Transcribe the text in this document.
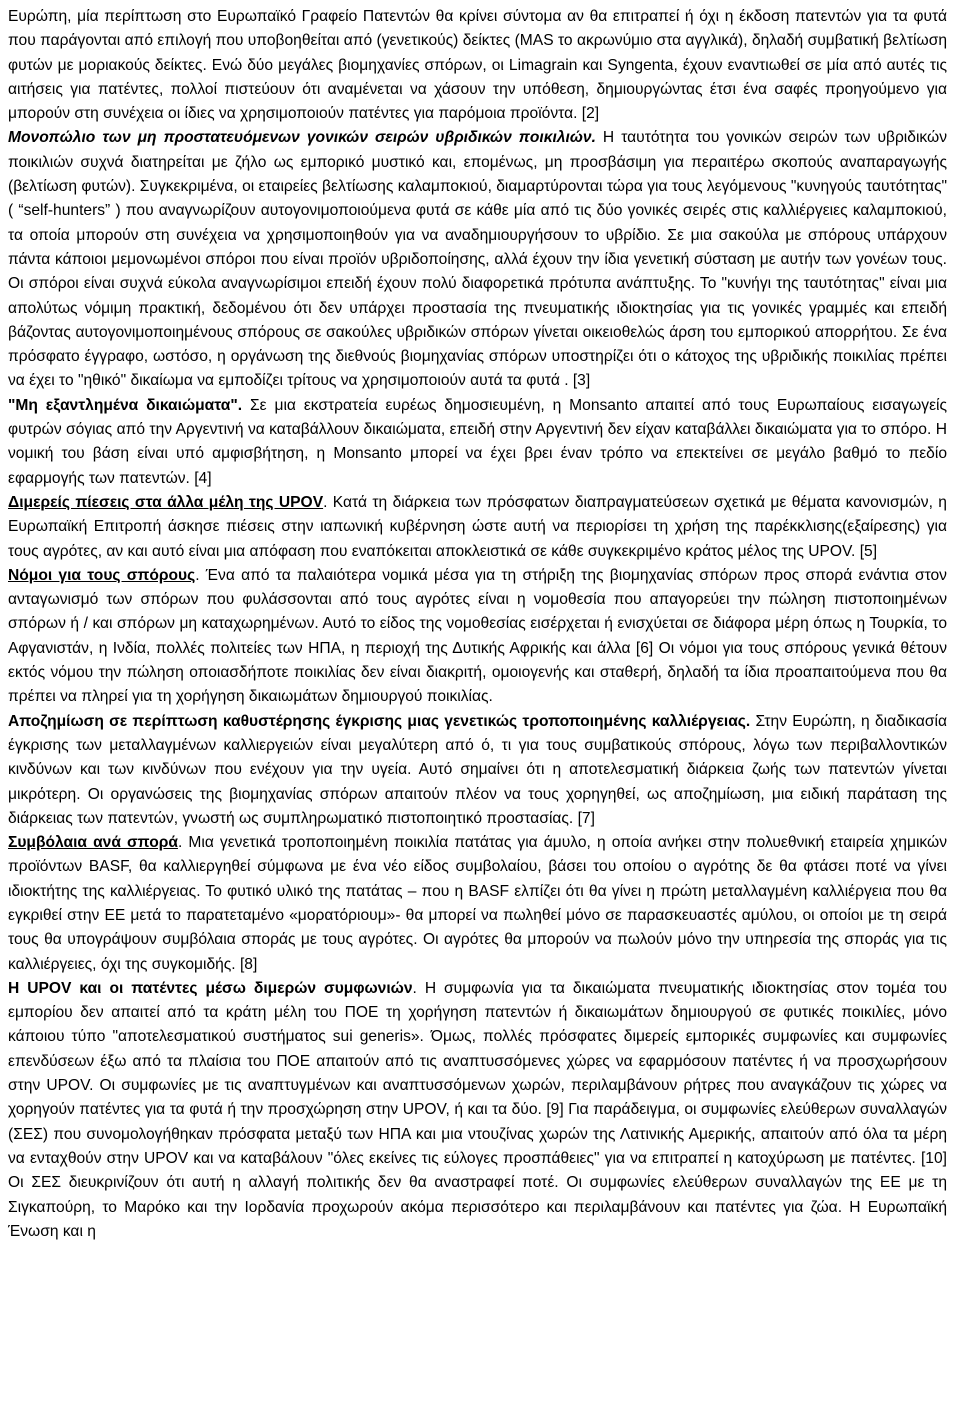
Ευρώπη, μία περίπτωση στο Ευρωπαϊκό Γραφείο Πατεντών θα κρίνει σύντομα αν θα επιτραπεί ή όχι η έκδοση πατεντών για τα φυτά που παράγονται από επιλογή που υποβοηθείται από (γενετικούς) δείκτες (MAS το ακρωνύμιο στα αγγλικά), δηλαδή συμβατική βελτίωση φυτών με μοριακούς δείκτες. Ενώ δύο μεγάλες βιομηχανίες σπόρων, οι Limagrain και Syngenta, έχουν εναντιωθεί σε μία από αυτές τις αιτήσεις για πατέντες, πολλοί πιστεύουν ότι αναμένεται να χάσουν την υπόθεση, δημιουργώντας έτσι ένα σαφές προηγούμενο για μπορούν στη συνέχεια οι ίδιες να χρησιμοποιούν πατέντες για παρόμοια προϊόντα. [2]

Μονοπώλιο των μη προστατευόμενων γονικών σειρών υβριδικών ποικιλιών. Η ταυτότητα του γονικών σειρών των υβριδικών ποικιλιών συχνά διατηρείται με ζήλο ως εμπορικό μυστικό και, επομένως, μη προσβάσιμη για περαιτέρω σκοπούς αναπαραγωγής (βελτίωση φυτών). Συγκεκριμένα, οι εταιρείες βελτίωσης καλαμποκιού, διαμαρτύρονται τώρα για τους λεγόμενους "κυνηγούς ταυτότητας" ( “self-hunters” ) που αναγνωρίζουν αυτογονιμοποιούμενα φυτά σε κάθε μία από τις δύο γονικές σειρές στις καλλιέργειες καλαμποκιού, τα οποία μπορούν στη συνέχεια να χρησιμοποιηθούν για να αναδημιουργήσουν το υβρίδιο. Σε μια σακούλα με σπόρους υπάρχουν πάντα κάποιοι μεμονωμένοι σπόροι που είναι προϊόν υβριδοποίησης, αλλά έχουν την ίδια γενετική σύσταση με αυτήν των γονέων τους. Οι σπόροι είναι συχνά εύκολα αναγνωρίσιμοι επειδή έχουν πολύ διαφορετικά πρότυπα ανάπτυξης. Το "κυνήγι της ταυτότητας" είναι μια απολύτως νόμιμη πρακτική, δεδομένου ότι δεν υπάρχει προστασία της πνευματικής ιδιοκτησίας για τις γονικές γραμμές και επειδή βάζοντας αυτογονιμοποιημένους σπόρους σε σακούλες υβριδικών σπόρων γίνεται οικειοθελώς άρση του εμπορικού απορρήτου. Σε ένα πρόσφατο έγγραφο, ωστόσο, η οργάνωση της διεθνούς βιομηχανίας σπόρων υποστηρίζει ότι ο κάτοχος της υβριδικής ποικιλίας πρέπει να έχει το "ηθικό" δικαίωμα να εμποδίζει τρίτους να χρησιμοποιούν αυτά τα φυτά . [3]

"Μη εξαντλημένα δικαιώματα". Σε μια εκστρατεία ευρέως δημοσιευμένη, η Monsanto απαιτεί από τους Ευρωπαίους εισαγωγείς φυτρών σόγιας από την Αργεντινή να καταβάλλουν δικαιώματα, επειδή στην Αργεντινή δεν είχαν καταβάλλει δικαιώματα για το σπόρο. Η νομική του βάση είναι υπό αμφισβήτηση, η Monsanto μπορεί να έχει βρει έναν τρόπο να επεκτείνει σε μεγάλο βαθμό το πεδίο εφαρμογής των πατεντών. [4]

Διμερείς πίεσεις στα άλλα μέλη της UPOV. Κατά τη διάρκεια των πρόσφατων διαπραγματεύσεων σχετικά με θέματα κανονισμών, η Ευρωπαϊκή Επιτροπή άσκησε πιέσεις στην ιαπωνική κυβέρνηση ώστε αυτή να περιορίσει τη χρήση της παρέκκλισης(εξαίρεσης) για τους αγρότες, αν και αυτό είναι μια απόφαση που εναπόκειται αποκλειστικά σε κάθε συγκεκριμένο κράτος μέλος της UPOV. [5]

Νόμοι για τους σπόρους. Ένα από τα παλαιότερα νομικά μέσα για τη στήριξη της βιομηχανίας σπόρων προς σπορά ενάντια στον ανταγωνισμό των σπόρων που φυλάσσονται από τους αγρότες είναι η νομοθεσία που απαγορεύει την πώληση πιστοποιημένων σπόρων ή / και σπόρων μη καταχωρημένων. Αυτό το είδος της νομοθεσίας εισέρχεται ή ενισχύεται σε διάφορα μέρη όπως η Τουρκία, το Αφγανιστάν, η Ινδία, πολλές πολιτείες των ΗΠΑ, η περιοχή της Δυτικής Αφρικής και άλλα [6] Οι νόμοι για τους σπόρους γενικά θέτουν εκτός νόμου την πώληση οποιασδήποτε ποικιλίας δεν είναι διακριτή, ομοιογενής και σταθερή, δηλαδή τα ίδια προαπαιτούμενα που θα πρέπει να πληρεί για τη χορήγηση δικαιωμάτων δημιουργού ποικιλίας.

Αποζημίωση σε περίπτωση καθυστέρησης έγκρισης μιας γενετικώς τροποποιημένης καλλιέργειας. Στην Ευρώπη, η διαδικασία έγκρισης των μεταλλαγμένων καλλιεργειών είναι μεγαλύτερη από ό, τι για τους συμβατικούς σπόρους, λόγω των περιβαλλοντικών κινδύνων και των κινδύνων που ενέχουν για την υγεία. Αυτό σημαίνει ότι η αποτελεσματική διάρκεια ζωής των πατεντών γίνεται μικρότερη. Οι οργανώσεις της βιομηχανίας σπόρων απαιτούν πλέον να τους χορηγηθεί, ως αποζημίωση, μια ειδική παράταση της διάρκειας των πατεντών, γνωστή ως συμπληρωματικό πιστοποιητικό προστασίας. [7]

Συμβόλαια ανά σπορά. Μια γενετικά τροποποιημένη ποικιλία πατάτας για άμυλο, η οποία ανήκει στην πολυεθνική εταιρεία χημικών προϊόντων BASF, θα καλλιεργηθεί σύμφωνα με ένα νέο είδος συμβολαίου, βάσει του οποίου ο αγρότης δε θα φτάσει ποτέ να γίνει ιδιοκτήτης της καλλιέργειας. Το φυτικό υλικό της πατάτας – που η BASF ελπίζει ότι θα γίνει η πρώτη μεταλλαγμένη καλλιέργεια που θα εγκριθεί στην ΕΕ μετά το παρατεταμένο «μορατόριουμ»- θα μπορεί να πωληθεί μόνο σε παρασκευαστές αμύλου, οι οποίοι με τη σειρά τους θα υπογράψουν συμβόλαια σποράς με τους αγρότες. Οι αγρότες θα μπορούν να πωλούν μόνο την υπηρεσία της σποράς για τις καλλιέργειες, όχι της συγκομιδής. [8]

Η UPOV και οι πατέντες μέσω διμερών συμφωνιών. Η συμφωνία για τα δικαιώματα πνευματικής ιδιοκτησίας στον τομέα του εμπορίου δεν απαιτεί από τα κράτη μέλη του ΠΟΕ τη χορήγηση πατεντών ή δικαιωμάτων δημιουργού σε φυτικές ποικιλίες, μόνο κάποιου τύπο "αποτελεσματικού συστήματος sui generis». Όμως, πολλές πρόσφατες διμερείς εμπορικές συμφωνίες και συμφωνίες επενδύσεων έξω από τα πλαίσια του ΠΟΕ απαιτούν από τις αναπτυσσόμενες χώρες να εφαρμόσουν πατέντες ή να προσχωρήσουν στην UPOV. Οι συμφωνίες με τις αναπτυγμένων και αναπτυσσόμενων χωρών, περιλαμβάνουν ρήτρες που αναγκάζουν τις χώρες να χορηγούν πατέντες για τα φυτά ή την προσχώρηση στην UPOV, ή και τα δύο. [9] Για παράδειγμα, οι συμφωνίες ελεύθερων συναλλαγών (ΣΕΣ) που συνομολογήθηκαν πρόσφατα μεταξύ των ΗΠΑ και μια ντουζίνας χωρών της Λατινικής Αμερικής, απαιτούν από όλα τα μέρη να ενταχθούν στην UPOV και να καταβάλουν "όλες εκείνες τις εύλογες προσπάθειες" για να επιτραπεί η κατοχύρωση με πατέντες. [10] Οι ΣΕΣ διευκρινίζουν ότι αυτή η αλλαγή πολιτικής δεν θα αναστραφεί ποτέ. Οι συμφωνίες ελεύθερων συναλλαγών της ΕΕ με τη Σιγκαπούρη, το Μαρόκο και την Ιορδανία προχωρούν ακόμα περισσότερο και περιλαμβάνουν και πατέντες για ζώα. Η Ευρωπαϊκή Ένωση και η
